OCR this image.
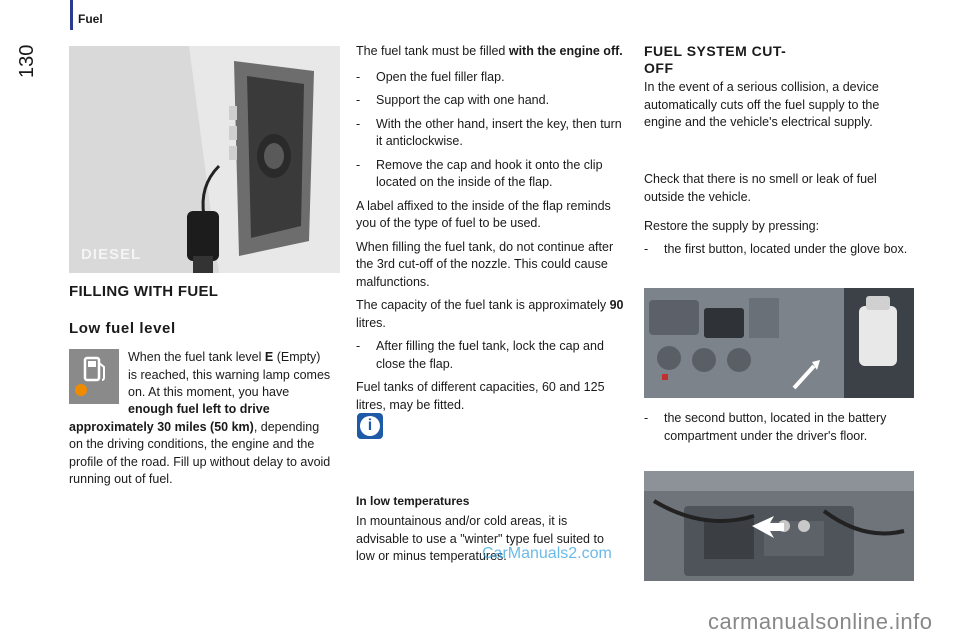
Fuel
130
DIESEL
FILLING WITH FUEL
Low fuel level
When the fuel tank level E (Empty) is reached, this warning lamp comes on. At this moment, you have
enough fuel left to drive approximately 30 miles (50 km), depending on the driving conditions, the engine and the profile of the road. Fill up without delay to avoid running out of fuel.
The fuel tank must be filled with the engine off.
- Open the fuel filler flap.
- Support the cap with one hand.
- With the other hand, insert the key, then turn it anticlockwise.
- Remove the cap and hook it onto the clip located on the inside of the flap.
A label affixed to the inside of the flap reminds you of the type of fuel to be used.
When filling the fuel tank, do not continue after the 3rd cut-off of the nozzle. This could cause malfunctions.
The capacity of the fuel tank is approximately 90 litres.
- After filling the fuel tank, lock the cap and close the flap.
Fuel tanks of different capacities, 60 and 125 litres, may be fitted.
i
In low temperatures
In mountainous and/or cold areas, it is advisable to use a "winter" type fuel suited to low or minus temperatures.
FUEL SYSTEM CUT-OFF
In the event of a serious collision, a device automatically cuts off the fuel supply to the engine and the vehicle's electrical supply.
Check that there is no smell or leak of fuel outside the vehicle.
Restore the supply by pressing:
- the first button, located under the glove box.
- the second button, located in the battery compartment under the driver's floor.
CarManuals2.com
carmanualsonline.info
